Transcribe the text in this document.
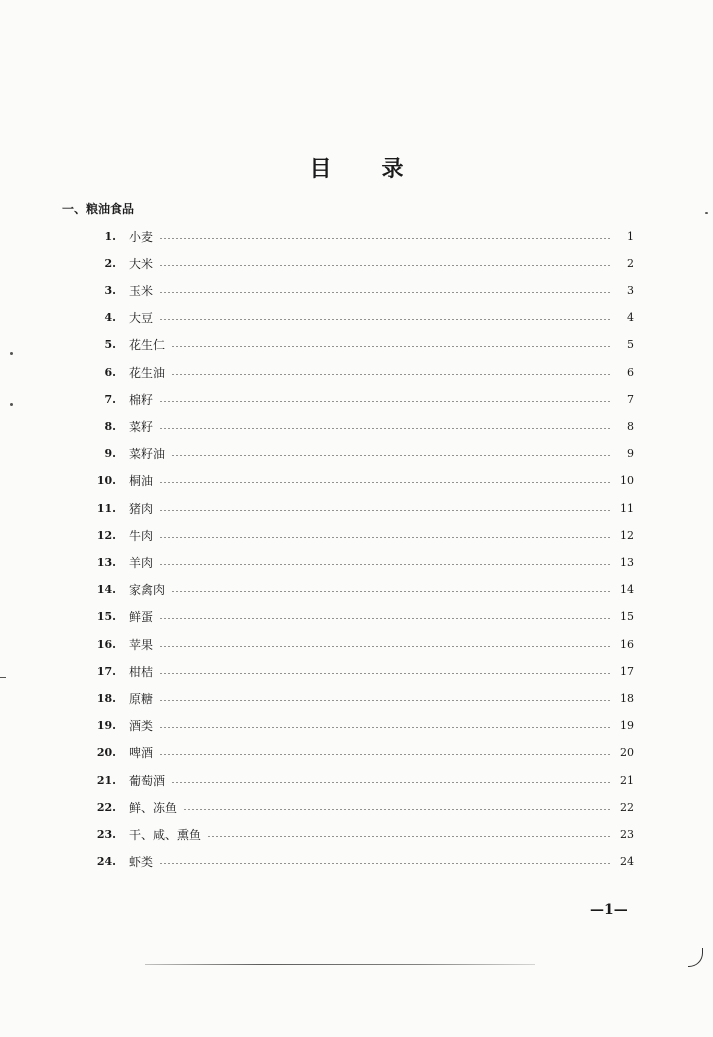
目 录
一、粮油食品
1. 小麦	1
2. 大米	2
3. 玉米	3
4. 大豆	4
5. 花生仁	5
6. 花生油	6
7. 棉籽	7
8. 菜籽	8
9. 菜籽油	9
10. 桐油	10
11. 猪肉	11
12. 牛肉	12
13. 羊肉	13
14. 家禽肉	14
15. 鲜蛋	15
16. 苹果	16
17. 柑桔	17
18. 原糖	18
19. 酒类	19
20. 啤酒	20
21. 葡萄酒	21
22. 鲜、冻鱼	22
23. 干、咸、熏鱼	23
24. 虾类	24
—1—
